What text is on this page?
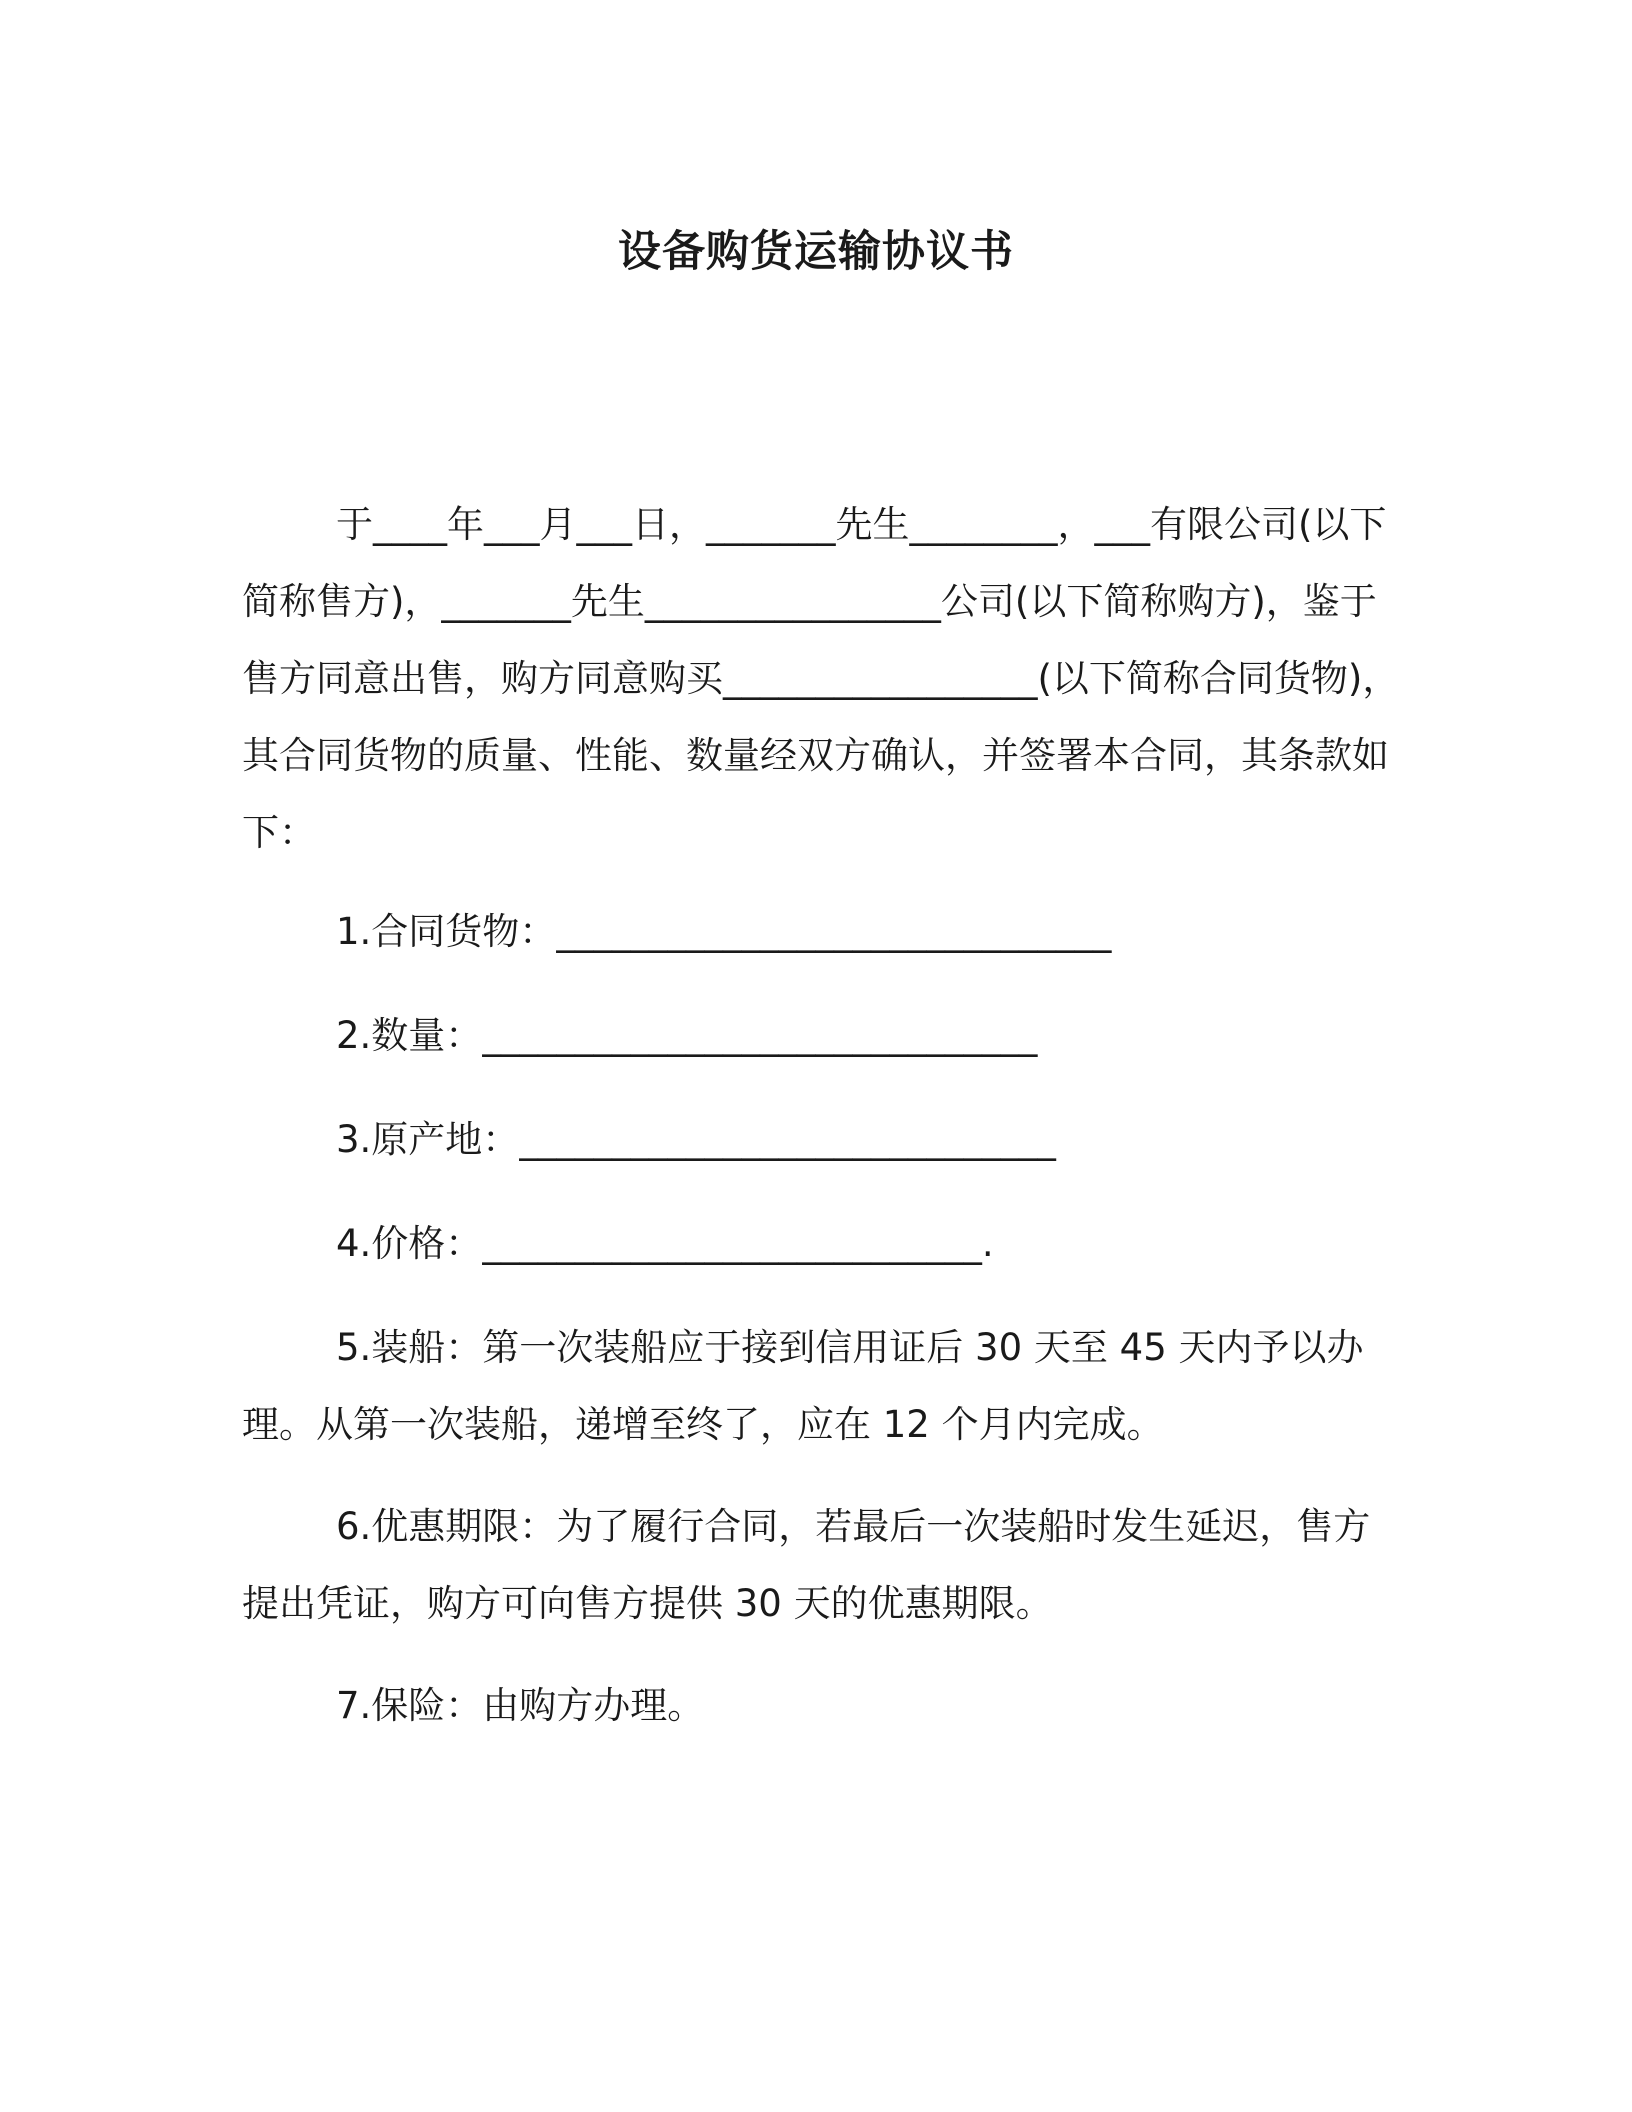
设备购货运输协议书

于____年___月___日，_______先生________，___有限公司(以下简称售方)，_______先生________________公司(以下简称购方)，鉴于售方同意出售，购方同意购买_________________(以下简称合同货物)，其合同货物的质量、性能、数量经双方确认，并签署本合同，其条款如下：

1.合同货物：______________________________

2.数量：______________________________

3.原产地：_____________________________

4.价格：___________________________.

5.装船：第一次装船应于接到信用证后 30 天至 45 天内予以办理。从第一次装船，递增至终了，应在 12 个月内完成。

6.优惠期限：为了履行合同，若最后一次装船时发生延迟，售方提出凭证，购方可向售方提供 30 天的优惠期限。

7.保险：由购方办理。
